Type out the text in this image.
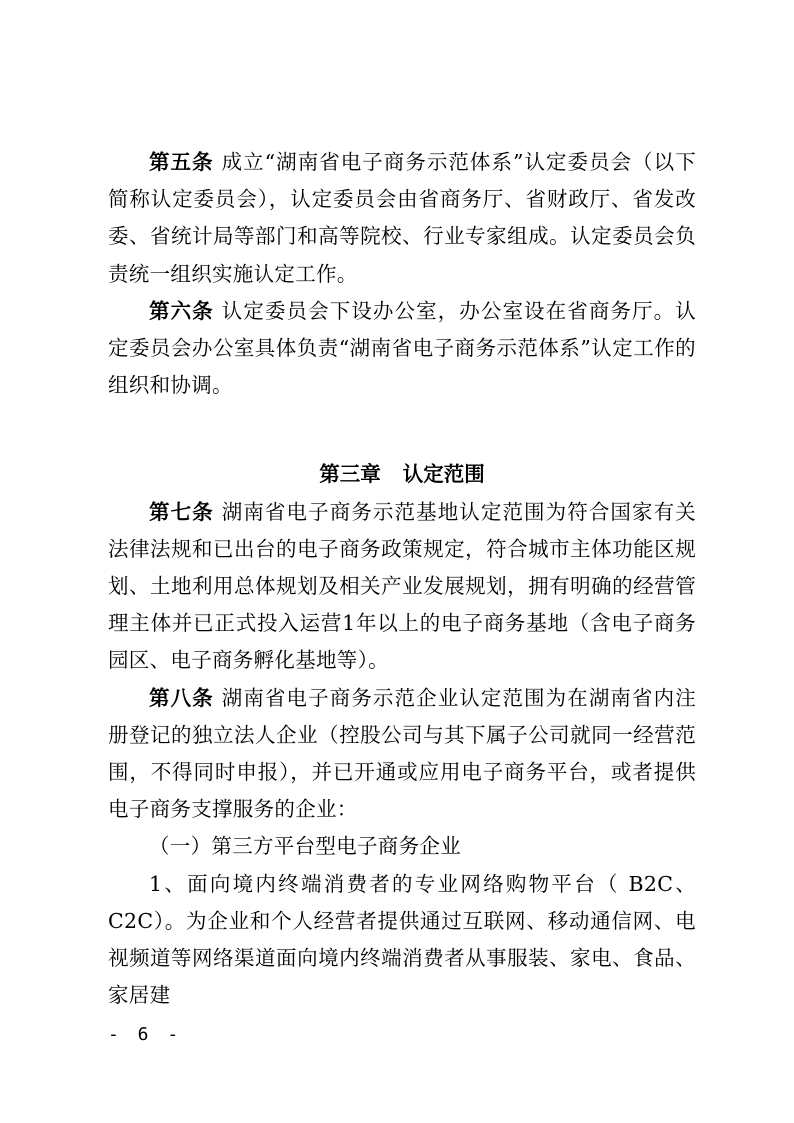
第五条 成立“湖南省电子商务示范体系”认定委员会（以下简称认定委员会），认定委员会由省商务厅、省财政厅、省发改委、省统计局等部门和高等院校、行业专家组成。认定委员会负责统一组织实施认定工作。

第六条 认定委员会下设办公室，办公室设在省商务厅。认定委员会办公室具体负责“湖南省电子商务示范体系”认定工作的组织和协调。

第三章 认定范围

第七条 湖南省电子商务示范基地认定范围为符合国家有关法律法规和已出台的电子商务政策规定，符合城市主体功能区规划、土地利用总体规划及相关产业发展规划，拥有明确的经营管理主体并已正式投入运营1年以上的电子商务基地（含电子商务园区、电子商务孵化基地等）。

第八条 湖南省电子商务示范企业认定范围为在湖南省内注册登记的独立法人企业（控股公司与其下属子公司就同一经营范围，不得同时申报），并已开通或应用电子商务平台，或者提供电子商务支撑服务的企业：

（一）第三方平台型电子商务企业

1、面向境内终端消费者的专业网络购物平台（ B2C、C2C）。为企业和个人经营者提供通过互联网、移动通信网、电视频道等网络渠道面向境内终端消费者从事服装、家电、食品、家居建

- 6 -
